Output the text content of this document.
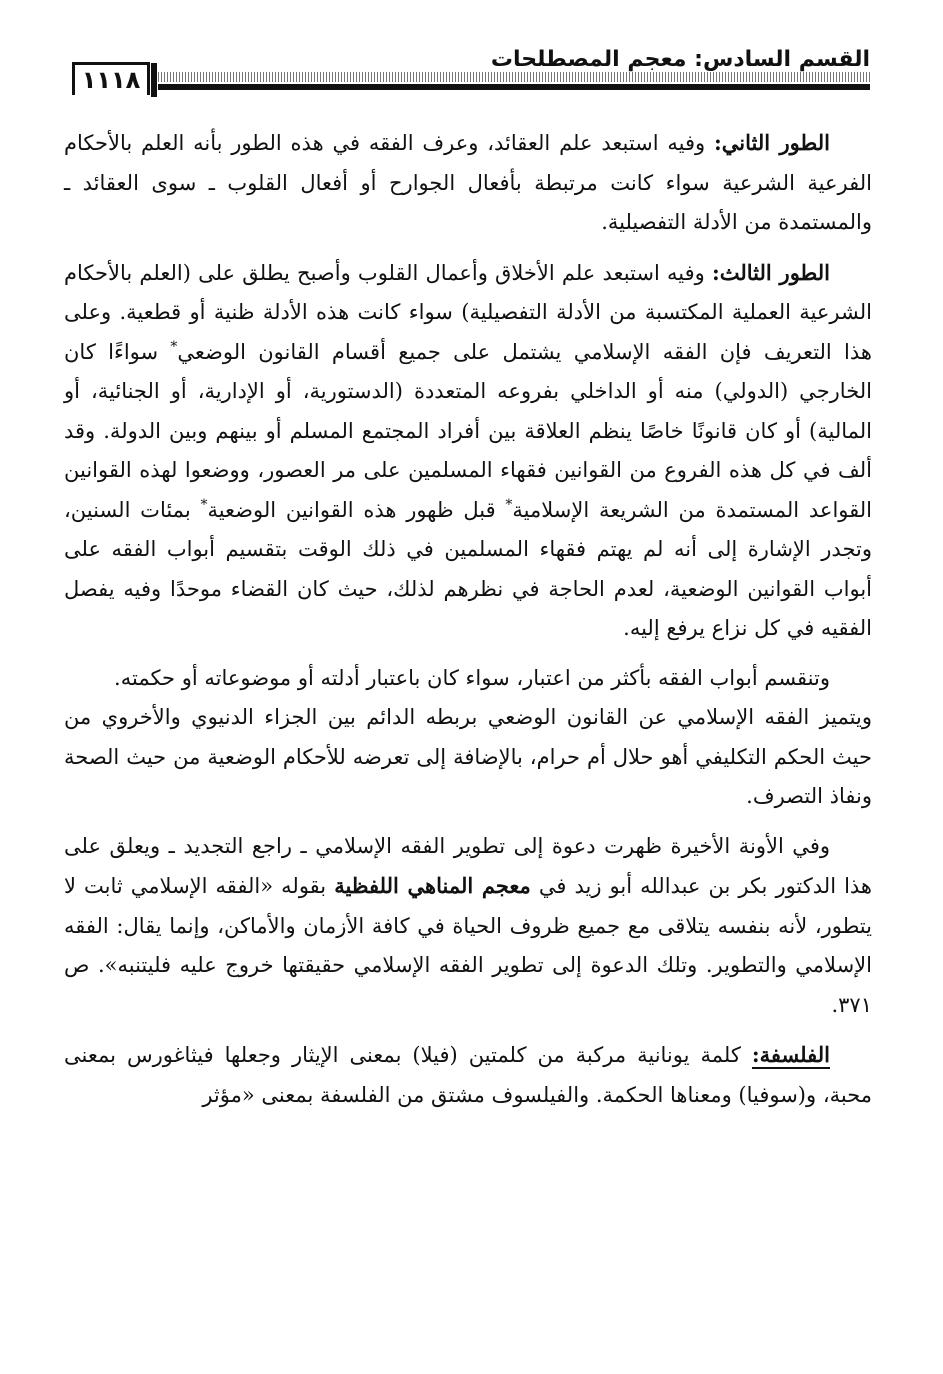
القسم السادس: معجم المصطلحات
١١١٨

الطور الثاني: وفيه استبعد علم العقائد، وعرف الفقه في هذه الطور بأنه العلم بالأحكام الفرعية الشرعية سواء كانت مرتبطة بأفعال الجوارح أو أفعال القلوب ـ سوى العقائد ـ والمستمدة من الأدلة التفصيلية.

الطور الثالث: وفيه استبعد علم الأخلاق وأعمال القلوب وأصبح يطلق على (العلم بالأحكام الشرعية العملية المكتسبة من الأدلة التفصيلية) سواء كانت هذه الأدلة ظنية أو قطعية. وعلى هذا التعريف فإن الفقه الإسلامي يشتمل على جميع أقسام القانون الوضعي* سواءًا كان الخارجي (الدولي) منه أو الداخلي بفروعه المتعددة (الدستورية، أو الإدارية، أو الجنائية، أو المالية) أو كان قانونًا خاصًا ينظم العلاقة بين أفراد المجتمع المسلم أو بينهم وبين الدولة. وقد ألف في كل هذه الفروع من القوانين فقهاء المسلمين على مر العصور، ووضعوا لهذه القوانين القواعد المستمدة من الشريعة الإسلامية* قبل ظهور هذه القوانين الوضعية* بمئات السنين، وتجدر الإشارة إلى أنه لم يهتم فقهاء المسلمين في ذلك الوقت بتقسيم أبواب الفقه على أبواب القوانين الوضعية، لعدم الحاجة في نظرهم لذلك، حيث كان القضاء موحدًا وفيه يفصل الفقيه في كل نزاع يرفع إليه.

وتنقسم أبواب الفقه بأكثر من اعتبار، سواء كان باعتبار أدلته أو موضوعاته أو حكمته.
ويتميز الفقه الإسلامي عن القانون الوضعي بربطه الدائم بين الجزاء الدنيوي والأخروي من حيث الحكم التكليفي أهو حلال أم حرام، بالإضافة إلى تعرضه للأحكام الوضعية من حيث الصحة ونفاذ التصرف.

وفي الأونة الأخيرة ظهرت دعوة إلى تطوير الفقه الإسلامي ـ راجع التجديد ـ ويعلق على هذا الدكتور بكر بن عبدالله أبو زيد في معجم المناهي اللفظية بقوله «الفقه الإسلامي ثابت لا يتطور، لأنه بنفسه يتلاقى مع جميع ظروف الحياة في كافة الأزمان والأماكن، وإنما يقال: الفقه الإسلامي والتطوير. وتلك الدعوة إلى تطوير الفقه الإسلامي حقيقتها خروج عليه فليتنبه». ص ٣٧١.

الفلسفة: كلمة يونانية مركبة من كلمتين (فيلا) بمعنى الإيثار وجعلها فيثاغورس بمعنى محبة، و(سوفيا) ومعناها الحكمة. والفيلسوف مشتق من الفلسفة بمعنى «مؤثر
